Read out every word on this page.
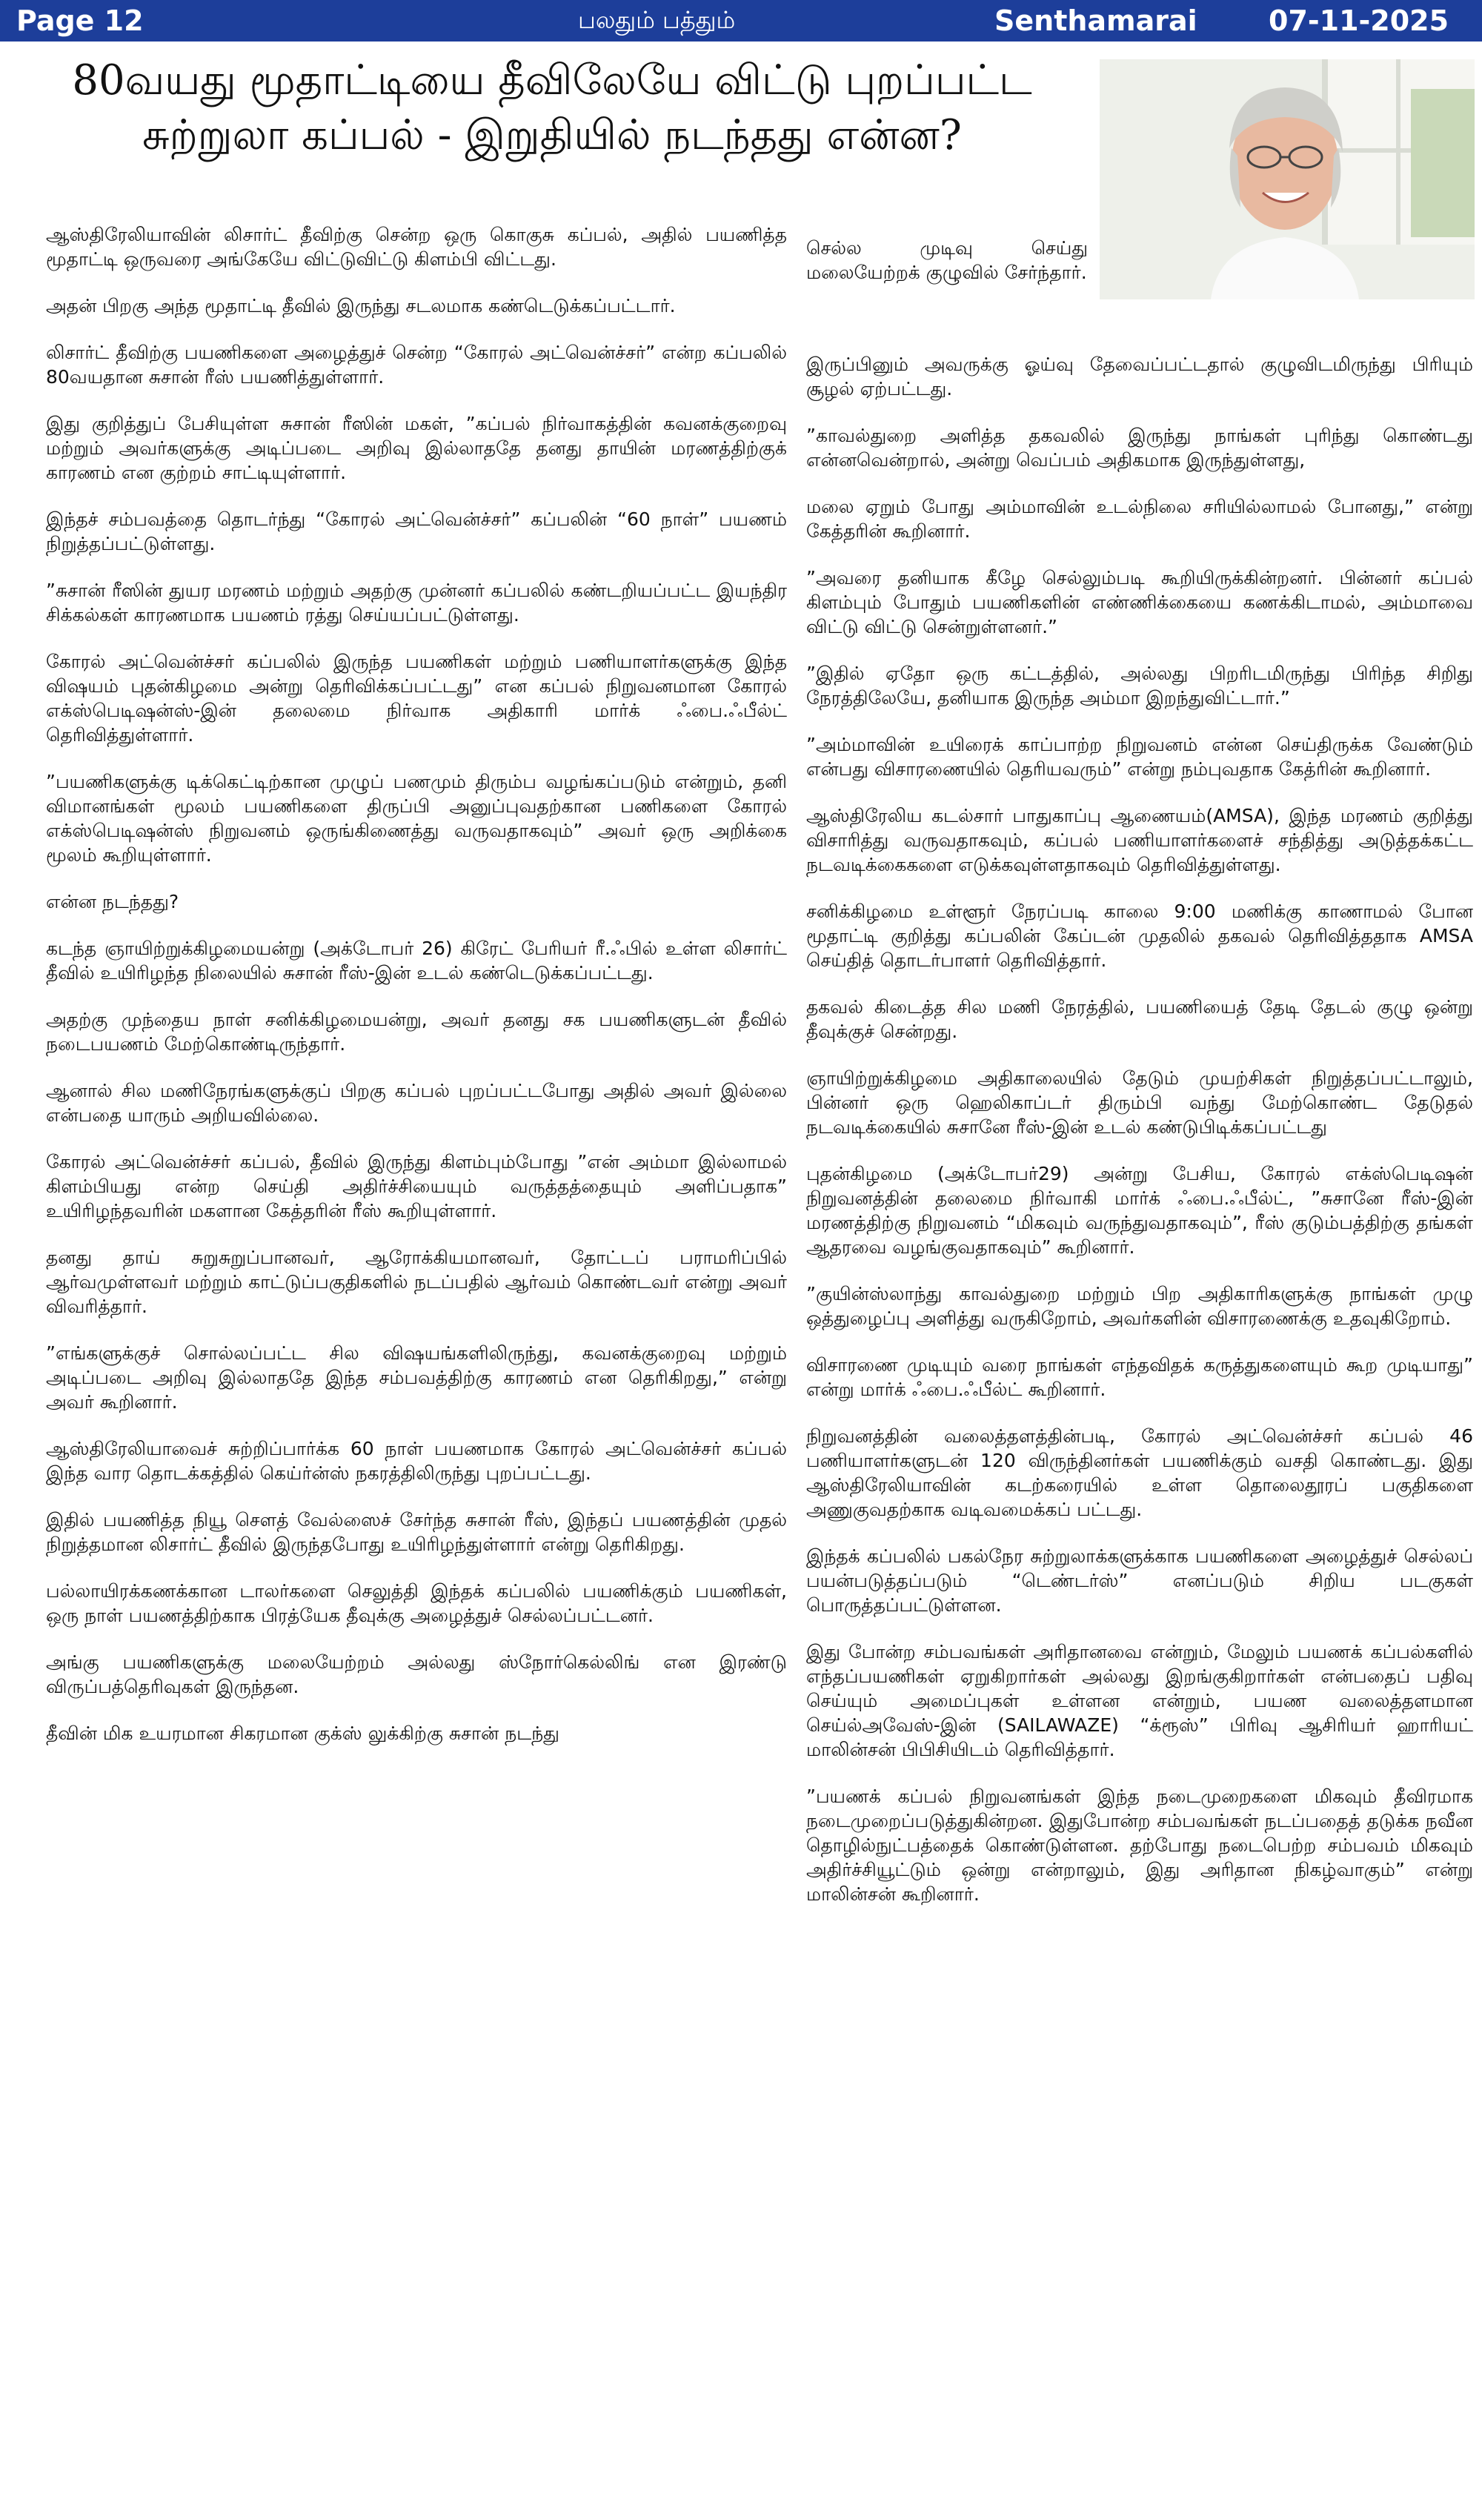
Page 12	பலதும் பத்தும்	Senthamarai	07-11-2025
80வயது மூதாட்டியை தீவிலேயே விட்டு புறப்பட்ட
சுற்றுலா கப்பல் - இறுதியில் நடந்தது என்ன?

ஆஸ்திரேலியாவின் லிசார்ட் தீவிற்கு சென்ற ஒரு கொகுசு கப்பல், அதில் பயணித்த மூதாட்டி ஒருவரை அங்கேயே விட்டுவிட்டு கிளம்பி விட்டது.

அதன் பிறகு அந்த மூதாட்டி தீவில் இருந்து சடலமாக கண்டெடுக்கப்பட்டார்.

லிசார்ட் தீவிற்கு பயணிகளை அழைத்துச் சென்ற “கோரல் அட்வென்ச்சர்” என்ற கப்பலில் 80வயதான சுசான் ரீஸ் பயணித்துள்ளார்.

இது குறித்துப் பேசியுள்ள சுசான் ரீஸின் மகள், ”கப்பல் நிர்வாகத்தின் கவனக்குறைவு மற்றும் அவர்களுக்கு அடிப்படை அறிவு இல்லாததே தனது தாயின் மரணத்திற்குக் காரணம் என குற்றம் சாட்டியுள்ளார்.

இந்தச் சம்பவத்தை தொடர்ந்து “கோரல் அட்வென்ச்சர்” கப்பலின் “60 நாள்” பயணம் நிறுத்தப்பட்டுள்ளது.

”சுசான் ரீஸின் துயர மரணம் மற்றும் அதற்கு முன்னர் கப்பலில் கண்டறியப்பட்ட இயந்திர சிக்கல்கள் காரணமாக பயணம் ரத்து செய்யப்பட்டுள்ளது.

கோரல் அட்வென்ச்சர் கப்பலில் இருந்த பயணிகள் மற்றும் பணியாளர்களுக்கு இந்த விஷயம் புதன்கிழமை அன்று தெரிவிக்கப்பட்டது” என கப்பல் நிறுவனமான கோரல் எக்ஸ்பெடிஷன்ஸ்-இன் தலைமை நிர்வாக அதிகாரி மார்க் ஃபை.ஃபீல்ட் தெரிவித்துள்ளார்.

”பயணிகளுக்கு டிக்கெட்டிற்கான முழுப் பணமும் திரும்ப வழங்கப்படும் என்றும், தனி விமானங்கள் மூலம் பயணிகளை திருப்பி அனுப்புவதற்கான பணிகளை கோரல் எக்ஸ்பெடிஷன்ஸ் நிறுவனம் ஒருங்கிணைத்து வருவதாகவும்” அவர் ஒரு அறிக்கை மூலம் கூறியுள்ளார்.

என்ன நடந்தது?

கடந்த ஞாயிற்றுக்கிழமையன்று (அக்டோபர் 26) கிரேட் பேரியர் ரீ.ஃபில் உள்ள லிசார்ட் தீவில் உயிரிழந்த நிலையில் சுசான் ரீஸ்-இன் உடல் கண்டெடுக்கப்பட்டது.

அதற்கு முந்தைய நாள் சனிக்கிழமையன்று, அவர் தனது சக பயணிகளுடன் தீவில் நடைபயணம் மேற்கொண்டிருந்தார்.

ஆனால் சில மணிநேரங்களுக்குப் பிறகு கப்பல் புறப்பட்டபோது அதில் அவர் இல்லை என்பதை யாரும் அறியவில்லை.

கோரல் அட்வென்ச்சர் கப்பல், தீவில் இருந்து கிளம்பும்போது ”என் அம்மா இல்லாமல் கிளம்பியது என்ற செய்தி அதிர்ச்சியையும் வருத்தத்தையும் அளிப்பதாக” உயிரிழந்தவரின் மகளான கேத்தரின் ரீஸ் கூறியுள்ளார்.

தனது தாய் சுறுசுறுப்பானவர், ஆரோக்கியமானவர், தோட்டப் பராமரிப்பில் ஆர்வமுள்ளவர் மற்றும் காட்டுப்பகுதிகளில் நடப்பதில் ஆர்வம் கொண்டவர் என்று அவர் விவரித்தார்.

”எங்களுக்குச் சொல்லப்பட்ட சில விஷயங்களிலிருந்து, கவனக்குறைவு மற்றும் அடிப்படை அறிவு இல்லாததே இந்த சம்பவத்திற்கு காரணம் என தெரிகிறது,” என்று அவர் கூறினார்.

ஆஸ்திரேலியாவைச் சுற்றிப்பார்க்க 60 நாள் பயணமாக கோரல் அட்வென்ச்சர் கப்பல் இந்த வார தொடக்கத்தில் கெய்ர்ன்ஸ் நகரத்திலிருந்து புறப்பட்டது.

இதில் பயணித்த நியூ சௌத் வேல்ஸைச் சேர்ந்த சுசான் ரீஸ், இந்தப் பயணத்தின் முதல் நிறுத்தமான லிசார்ட் தீவில் இருந்தபோது உயிரிழந்துள்ளார் என்று தெரிகிறது.

பல்லாயிரக்கணக்கான டாலர்களை செலுத்தி இந்தக் கப்பலில் பயணிக்கும் பயணிகள், ஒரு நாள் பயணத்திற்காக பிரத்யேக தீவுக்கு அழைத்துச் செல்லப்பட்டனர்.

அங்கு பயணிகளுக்கு மலையேற்றம் அல்லது ஸ்நோர்கெல்லிங் என இரண்டு விருப்பத்தெரிவுகள் இருந்தன.

தீவின் மிக உயரமான சிகரமான குக்ஸ் லுக்கிற்கு சுசான் நடந்து

செல்ல முடிவு செய்து மலையேற்றக் குழுவில் சேர்ந்தார்.

இருப்பினும் அவருக்கு ஓய்வு தேவைப்பட்டதால் குழுவிடமிருந்து பிரியும் சூழல் ஏற்பட்டது.

”காவல்துறை அளித்த தகவலில் இருந்து நாங்கள் புரிந்து கொண்டது என்னவென்றால், அன்று வெப்பம் அதிகமாக இருந்துள்ளது,

மலை ஏறும் போது அம்மாவின் உடல்நிலை சரியில்லாமல் போனது,” என்று கேத்தரின் கூறினார்.

”அவரை தனியாக கீழே செல்லும்படி கூறியிருக்கின்றனர். பின்னர் கப்பல் கிளம்பும் போதும் பயணிகளின் எண்ணிக்கையை கணக்கிடாமல், அம்மாவை விட்டு விட்டு சென்றுள்ளனர்.”

”இதில் ஏதோ ஒரு கட்டத்தில், அல்லது பிறரிடமிருந்து பிரிந்த சிறிது நேரத்திலேயே, தனியாக இருந்த அம்மா இறந்துவிட்டார்.”

”அம்மாவின் உயிரைக் காப்பாற்ற நிறுவனம் என்ன செய்திருக்க வேண்டும் என்பது விசாரணையில் தெரியவரும்” என்று நம்புவதாக கேத்ரின் கூறினார்.

ஆஸ்திரேலிய கடல்சார் பாதுகாப்பு ஆணையம்(AMSA), இந்த மரணம் குறித்து விசாரித்து வருவதாகவும், கப்பல் பணியாளர்களைச் சந்தித்து அடுத்தக்கட்ட நடவடிக்கைகளை எடுக்கவுள்ளதாகவும் தெரிவித்துள்ளது.

சனிக்கிழமை உள்ளூர் நேரப்படி காலை 9:00 மணிக்கு காணாமல் போன மூதாட்டி குறித்து கப்பலின் கேப்டன் முதலில் தகவல் தெரிவித்ததாக AMSA செய்தித் தொடர்பாளர் தெரிவித்தார்.

தகவல் கிடைத்த சில மணி நேரத்தில், பயணியைத் தேடி தேடல் குழு ஒன்று தீவுக்குச் சென்றது.

ஞாயிற்றுக்கிழமை அதிகாலையில் தேடும் முயற்சிகள் நிறுத்தப்பட்டாலும், பின்னர் ஒரு ஹெலிகாப்டர் திரும்பி வந்து மேற்கொண்ட தேடுதல் நடவடிக்கையில் சுசானே ரீஸ்-இன் உடல் கண்டுபிடிக்கப்பட்டது

புதன்கிழமை (அக்டோபர்29) அன்று பேசிய, கோரல் எக்ஸ்பெடிஷன் நிறுவனத்தின் தலைமை நிர்வாகி மார்க் ஃபை.ஃபீல்ட், ”சுசானே ரீஸ்-இன் மரணத்திற்கு நிறுவனம் “மிகவும் வருந்துவதாகவும்”, ரீஸ் குடும்பத்திற்கு தங்கள் ஆதரவை வழங்குவதாகவும்” கூறினார்.

”குயின்ஸ்லாந்து காவல்துறை மற்றும் பிற அதிகாரிகளுக்கு நாங்கள் முழு ஒத்துழைப்பு அளித்து வருகிறோம், அவர்களின் விசாரணைக்கு உதவுகிறோம்.

விசாரணை முடியும் வரை நாங்கள் எந்தவிதக் கருத்துகளையும் கூற முடியாது” என்று மார்க் ஃபை.ஃபீல்ட் கூறினார்.

நிறுவனத்தின் வலைத்தளத்தின்படி, கோரல் அட்வென்ச்சர் கப்பல் 46 பணியாளர்களுடன் 120 விருந்தினர்கள் பயணிக்கும் வசதி கொண்டது. இது ஆஸ்திரேலியாவின் கடற்கரையில் உள்ள தொலைதூரப் பகுதிகளை அணுகுவதற்காக வடிவமைக்கப் பட்டது.

இந்தக் கப்பலில் பகல்நேர சுற்றுலாக்களுக்காக பயணிகளை அழைத்துச் செல்லப் பயன்படுத்தப்படும் “டெண்டர்ஸ்” எனப்படும் சிறிய படகுகள் பொருத்தப்பட்டுள்ளன.

இது போன்ற சம்பவங்கள் அரிதானவை என்றும், மேலும் பயணக் கப்பல்களில் எந்தப்பயணிகள் ஏறுகிறார்கள் அல்லது இறங்குகிறார்கள் என்பதைப் பதிவு செய்யும் அமைப்புகள் உள்ளன என்றும், பயண வலைத்தளமான செய்ல்அவேஸ்-இன் (SAILAWAZE) “க்ரூஸ்” பிரிவு ஆசிரியர் ஹாரியட் மாலின்சன் பிபிசியிடம் தெரிவித்தார்.

”பயணக் கப்பல் நிறுவனங்கள் இந்த நடைமுறைகளை மிகவும் தீவிரமாக நடைமுறைப்படுத்துகின்றன. இதுபோன்ற சம்பவங்கள் நடப்பதைத் தடுக்க நவீன தொழில்நுட்பத்தைக் கொண்டுள்ளன. தற்போது நடைபெற்ற சம்பவம் மிகவும் அதிர்ச்சியூட்டும் ஒன்று என்றாலும், இது அரிதான நிகழ்வாகும்” என்று மாலின்சன் கூறினார்.
